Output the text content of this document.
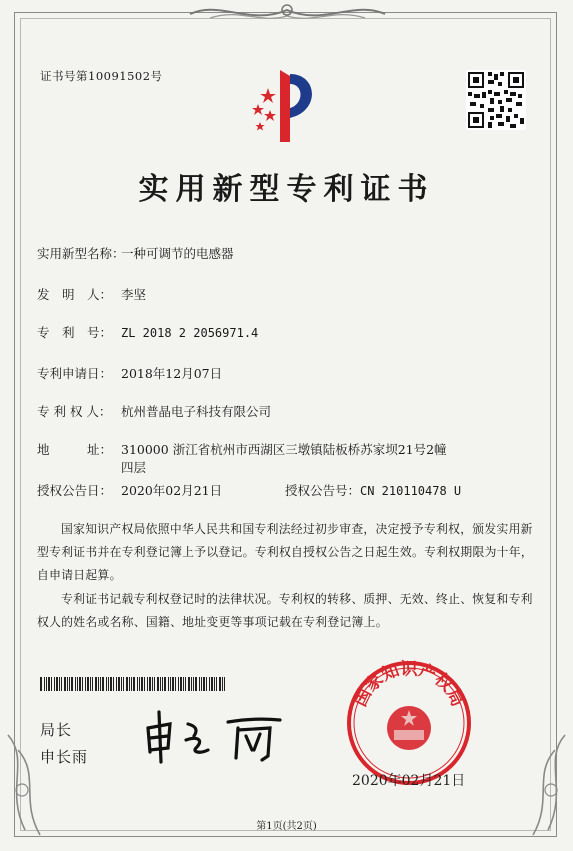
证书号第10091502号
实用新型专利证书
实用新型名称：一种可调节的电感器
发　明　人： 李坚
专　利　号： ZL 2018 2 2056971.4
专利申请日： 2018年12月07日
专 利 权 人： 杭州普晶电子科技有限公司
地　　　址： 310000 浙江省杭州市西湖区三墩镇陆板桥苏家坝21号2幢
四层
授权公告日： 2020年02月21日	授权公告号：CN 210110478 U
国家知识产权局依照中华人民共和国专利法经过初步审查，决定授予专利权，颁发实用新型专利证书并在专利登记簿上予以登记。专利权自授权公告之日起生效。专利权期限为十年，自申请日起算。
专利证书记载专利权登记时的法律状况。专利权的转移、质押、无效、终止、恢复和专利权人的姓名或名称、国籍、地址变更等事项记载在专利登记簿上。
局长
申长雨
国家知识产权局
2020年02月21日
第1页(共2页)
